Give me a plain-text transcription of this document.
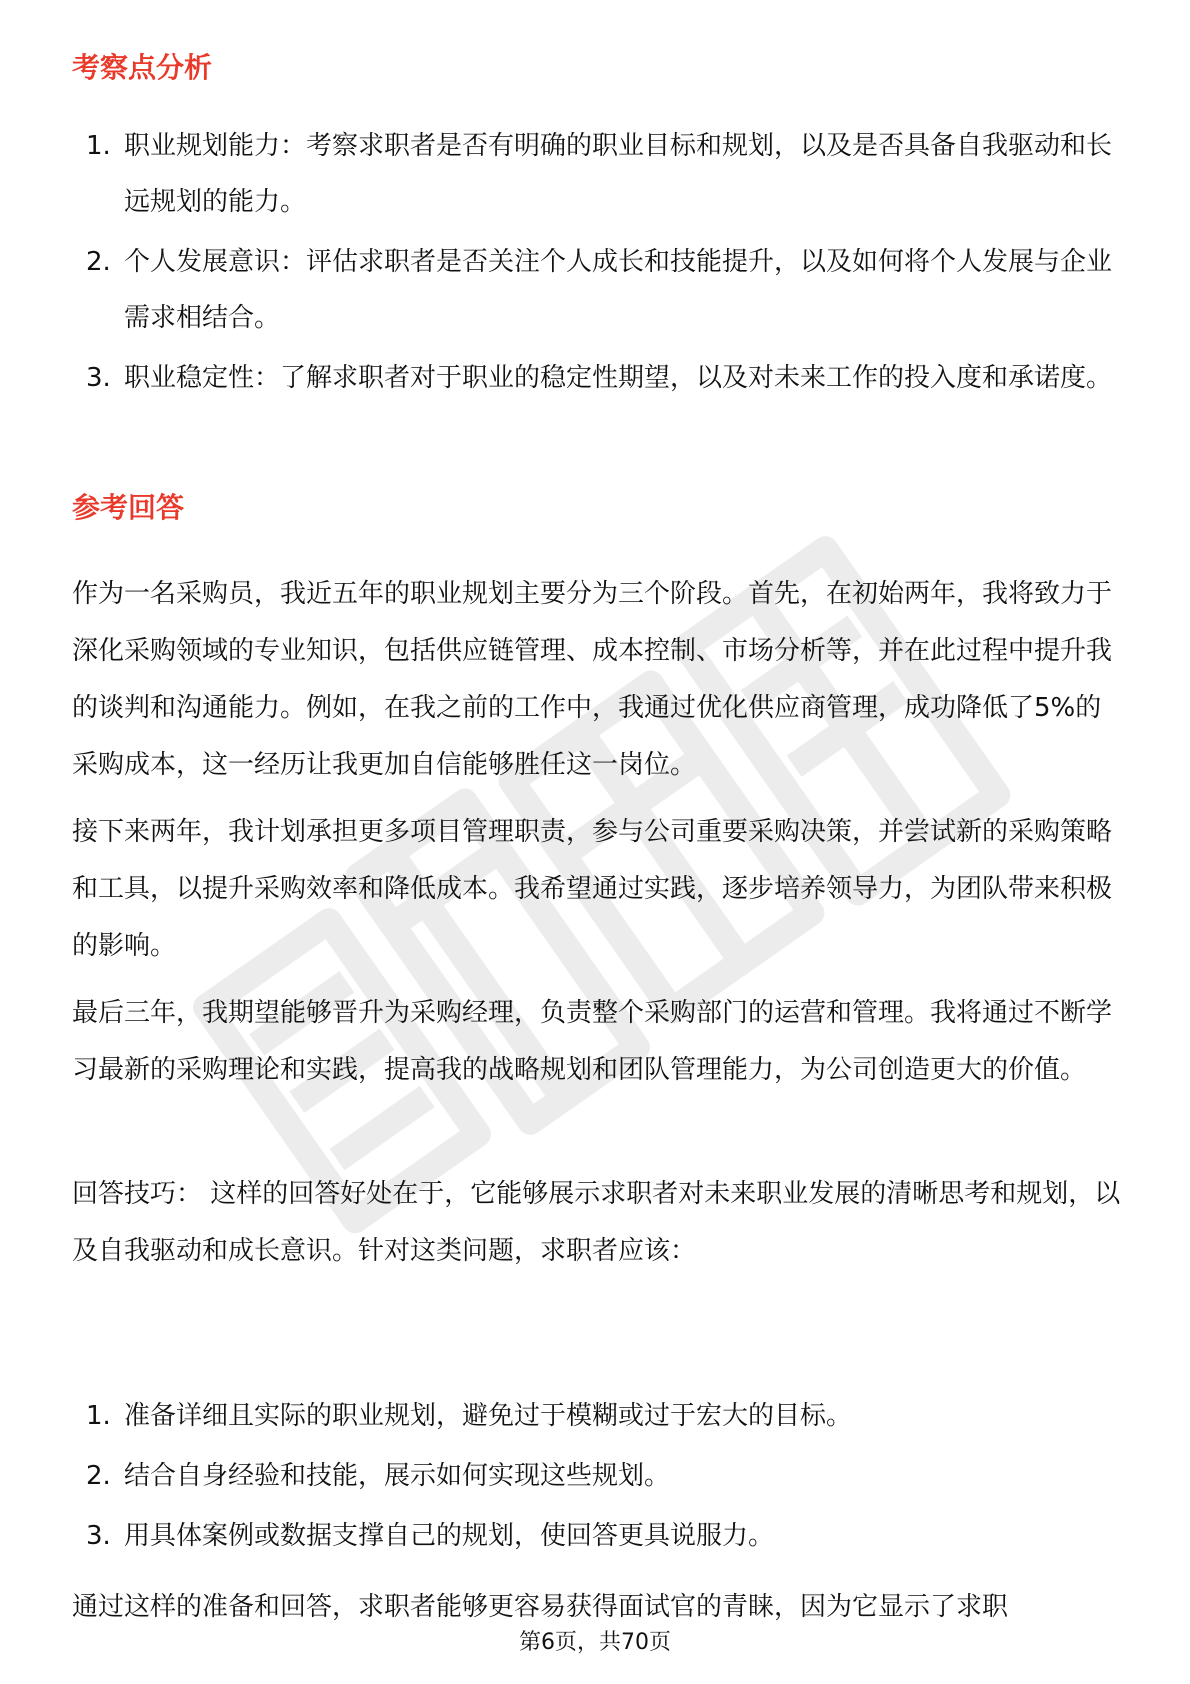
考察点分析
1. 职业规划能力：考察求职者是否有明确的职业目标和规划，以及是否具备自我驱动和长远规划的能力。
2. 个人发展意识：评估求职者是否关注个人成长和技能提升，以及如何将个人发展与企业需求相结合。
3. 职业稳定性：了解求职者对于职业的稳定性期望，以及对未来工作的投入度和承诺度。
参考回答

作为一名采购员，我近五年的职业规划主要分为三个阶段。首先，在初始两年，我将致力于深化采购领域的专业知识，包括供应链管理、成本控制、市场分析等，并在此过程中提升我的谈判和沟通能力。例如，在我之前的工作中，我通过优化供应商管理，成功降低了5%的采购成本，这一经历让我更加自信能够胜任这一岗位。

接下来两年，我计划承担更多项目管理职责，参与公司重要采购决策，并尝试新的采购策略和工具，以提升采购效率和降低成本。我希望通过实践，逐步培养领导力，为团队带来积极的影响。

最后三年，我期望能够晋升为采购经理，负责整个采购部门的运营和管理。我将通过不断学习最新的采购理论和实践，提高我的战略规划和团队管理能力，为公司创造更大的价值。

回答技巧： 这样的回答好处在于，它能够展示求职者对未来职业发展的清晰思考和规划，以及自我驱动和成长意识。针对这类问题，求职者应该：

1. 准备详细且实际的职业规划，避免过于模糊或过于宏大的目标。
2. 结合自身经验和技能，展示如何实现这些规划。
3. 用具体案例或数据支撑自己的规划，使回答更具说服力。

通过这样的准备和回答，求职者能够更容易获得面试官的青睐，因为它显示了求职

第6页，共70页
